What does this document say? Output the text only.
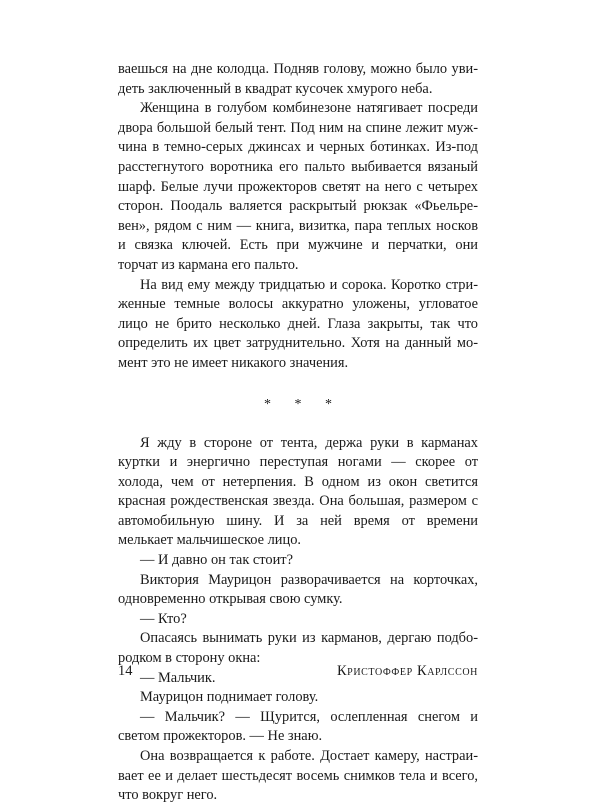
ваешься на дне колодца. Подняв голову, можно было увидеть заключенный в квадрат кусочек хмурого неба.

Женщина в голубом комбинезоне натягивает посреди двора большой белый тент. Под ним на спине лежит мужчина в темно-серых джинсах и черных ботинках. Из-под расстегнутого воротника его пальто выбивается вязаный шарф. Белые лучи прожекторов светят на него с четырех сторон. Поодаль валяется раскрытый рюкзак «Фьельревен», рядом с ним — книга, визитка, пара теплых носков и связка ключей. Есть при мужчине и перчатки, они торчат из кармана его пальто.

На вид ему между тридцатью и сорока. Коротко стриженные темные волосы аккуратно уложены, угловатое лицо не брито несколько дней. Глаза закрыты, так что определить их цвет затруднительно. Хотя на данный момент это не имеет никакого значения.

* * *

Я жду в стороне от тента, держа руки в карманах куртки и энергично переступая ногами — скорее от холода, чем от нетерпения. В одном из окон светится красная рождественская звезда. Она большая, размером с автомобильную шину. И за ней время от времени мелькает мальчишеское лицо.

— И давно он так стоит?

Виктория Маурицон разворачивается на корточках, одновременно открывая свою сумку.

— Кто?

Опасаясь вынимать руки из карманов, дергаю подбородком в сторону окна:

— Мальчик.

Маурицон поднимает голову.

— Мальчик? — Щурится, ослепленная снегом и светом прожекторов. — Не знаю.

Она возвращается к работе. Достает камеру, настраивает ее и делает шестьдесят восемь снимков тела и всего, что вокруг него.

14	Кристоффер Карлссон
